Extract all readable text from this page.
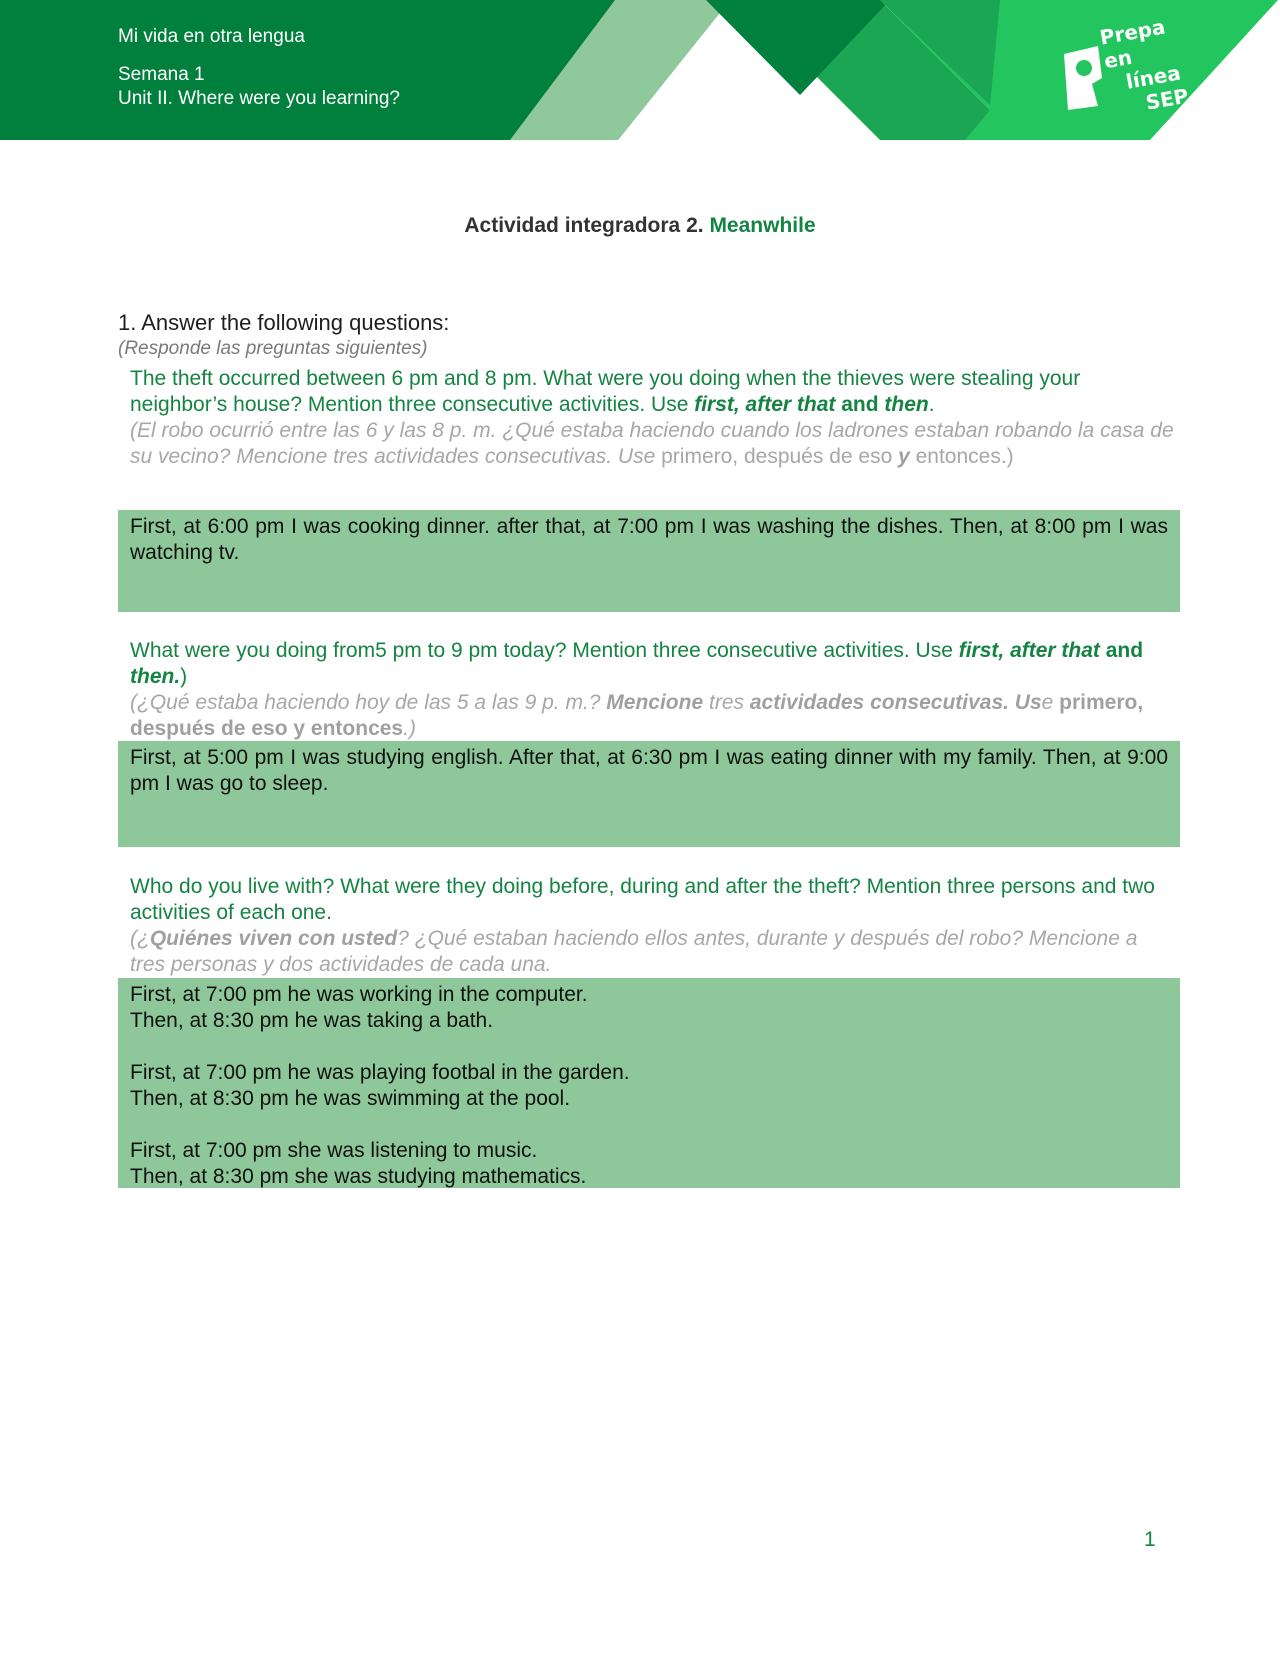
Mi vida en otra lengua
Semana 1
Unit II. Where were you learning?
Prepa en
línea
SEP
Actividad integradora 2. Meanwhile
1. Answer the following questions:
(Responde las preguntas siguientes)
The theft occurred between 6 pm and 8 pm. What were you doing when the thieves were stealing your neighbor’s house? Mention three consecutive activities. Use first, after that and then.
(El robo ocurrió entre las 6 y las 8 p. m. ¿Qué estaba haciendo cuando los ladrones estaban robando la casa de su vecino? Mencione tres actividades consecutivas. Use primero, después de eso y entonces.)
First, at 6:00 pm I was cooking dinner. after that, at 7:00 pm I was washing the dishes. Then, at 8:00 pm I was watching tv.
What were you doing from5 pm to 9 pm today? Mention three consecutive activities. Use first, after that and then.)
(¿Qué estaba haciendo hoy de las 5 a las 9 p. m.? Mencione tres actividades consecutivas. Use primero, después de eso y entonces.)
First, at 5:00 pm I was studying english. After that, at 6:30 pm I was eating dinner with my family. Then, at 9:00 pm I was go to sleep.
Who do you live with? What were they doing before, during and after the theft? Mention three persons and two activities of each one.
(¿Quiénes viven con usted? ¿Qué estaban haciendo ellos antes, durante y después del robo? Mencione a tres personas y dos actividades de cada una.
First, at 7:00 pm he was working in the computer.
Then, at 8:30 pm he was taking a bath.
First, at 7:00 pm he was playing footbal in the garden.
Then, at 8:30 pm he was swimming at the pool.
First, at 7:00 pm she was listening to music.
Then, at 8:30 pm she was studying mathematics.
1
